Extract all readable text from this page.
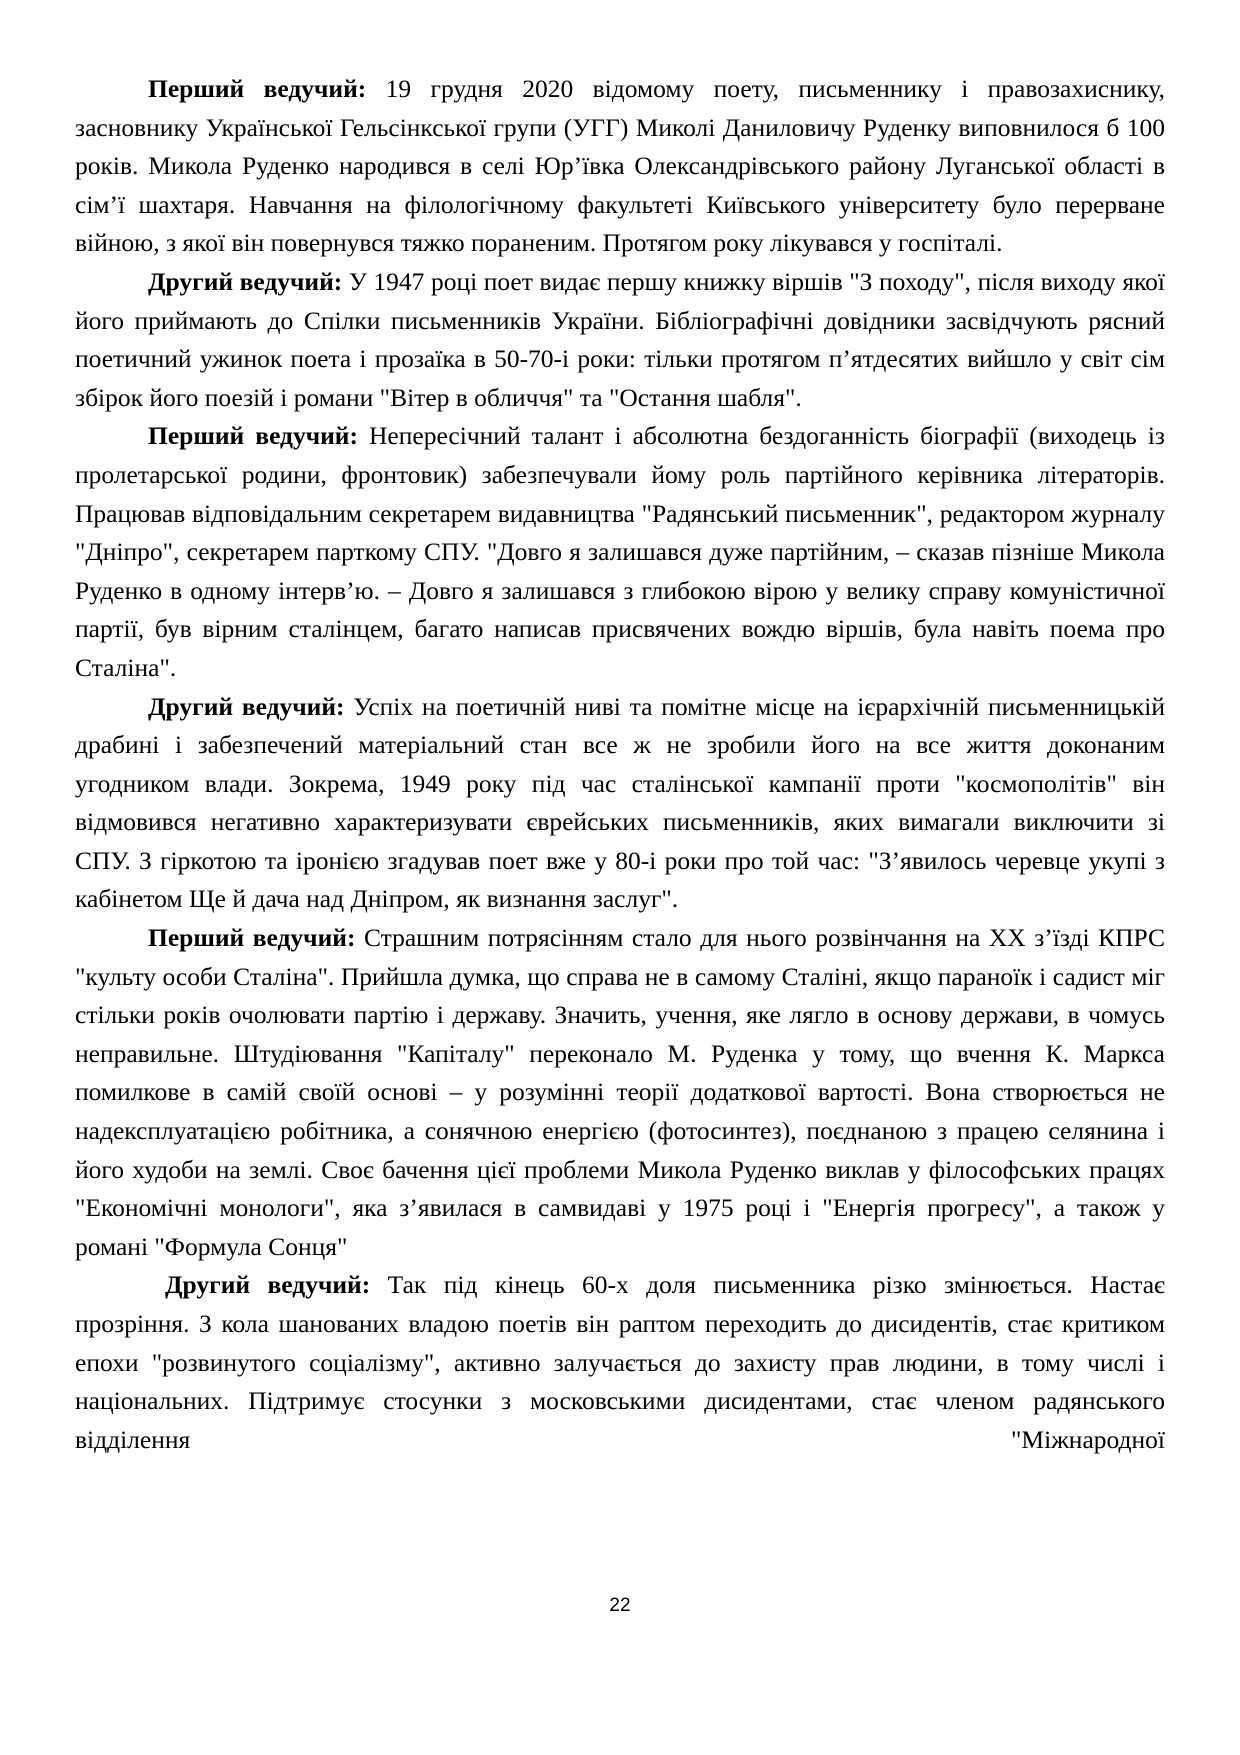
Перший ведучий: 19 грудня 2020 відомому поету, письменнику і правозахиснику, засновнику Української Гельсінкської групи (УГГ) Миколі Даниловичу Руденку виповнилося б 100 років. Микола Руденко народився в селі Юр’ївка Олександрівського району Луганської області в сім’ї шахтаря. Навчання на філологічному факультеті Київського університету було перерване війною, з якої він повернувся тяжко пораненим. Протягом року лікувався у госпіталі.

Другий ведучий: У 1947 році поет видає першу книжку віршів "З походу", після виходу якої його приймають до Спілки письменників України. Бібліографічні довідники засвідчують рясний поетичний ужинок поета і прозаїка в 50-70-і роки: тільки протягом п’ятдесятих вийшло у світ сім збірок його поезій і романи "Вітер в обличчя" та "Остання шабля".

Перший ведучий: Непересічний талант і абсолютна бездоганність біографії (виходець із пролетарської родини, фронтовик) забезпечували йому роль партійного керівника літераторів. Працював відповідальним секретарем видавництва "Радянський письменник", редактором журналу "Дніпро", секретарем парткому СПУ. "Довго я залишався дуже партійним, – сказав пізніше Микола Руденко в одному інтерв’ю. – Довго я залишався з глибокою вірою у велику справу комуністичної партії, був вірним сталінцем, багато написав присвячених вождю віршів, була навіть поема про Сталіна".

Другий ведучий: Успіх на поетичній ниві та помітне місце на ієрархічній письменницькій драбині і забезпечений матеріальний стан все ж не зробили його на все життя доконаним угодником влади. Зокрема, 1949 року під час сталінської кампанії проти "космополітів" він відмовився негативно характеризувати єврейських письменників, яких вимагали виключити зі СПУ. З гіркотою та іронією згадував поет вже у 80-і роки про той час: "З’явилось черевце укупі з кабінетом Ще й дача над Дніпром, як визнання заслуг".

Перший ведучий: Страшним потрясінням стало для нього розвінчання на ХХ з’їзді КПРС "культу особи Сталіна". Прийшла думка, що справа не в самому Сталіні, якщо параноїк і садист міг стільки років очолювати партію і державу. Значить, учення, яке лягло в основу держави, в чомусь неправильне. Штудіювання "Капіталу" переконало М. Руденка у тому, що вчення К. Маркса помилкове в самій своїй основі – у розумінні теорії додаткової вартості. Вона створюється не надексплуатацією робітника, а сонячною енергією (фотосинтез), поєднаною з працею селянина і його худоби на землі. Своє бачення цієї проблеми Микола Руденко виклав у філософських працях "Економічні монологи", яка з’явилася в самвидаві у 1975 році і "Енергія прогресу", а також у романі "Формула Сонця"

Другий ведучий: Так під кінець 60-х доля письменника різко змінюється. Настає прозріння. З кола шанованих владою поетів він раптом переходить до дисидентів, стає критиком епохи "розвинутого соціалізму", активно залучається до захисту прав людини, в тому числі і національних. Підтримує стосунки з московськими дисидентами, стає членом радянського відділення "Міжнародної

22
